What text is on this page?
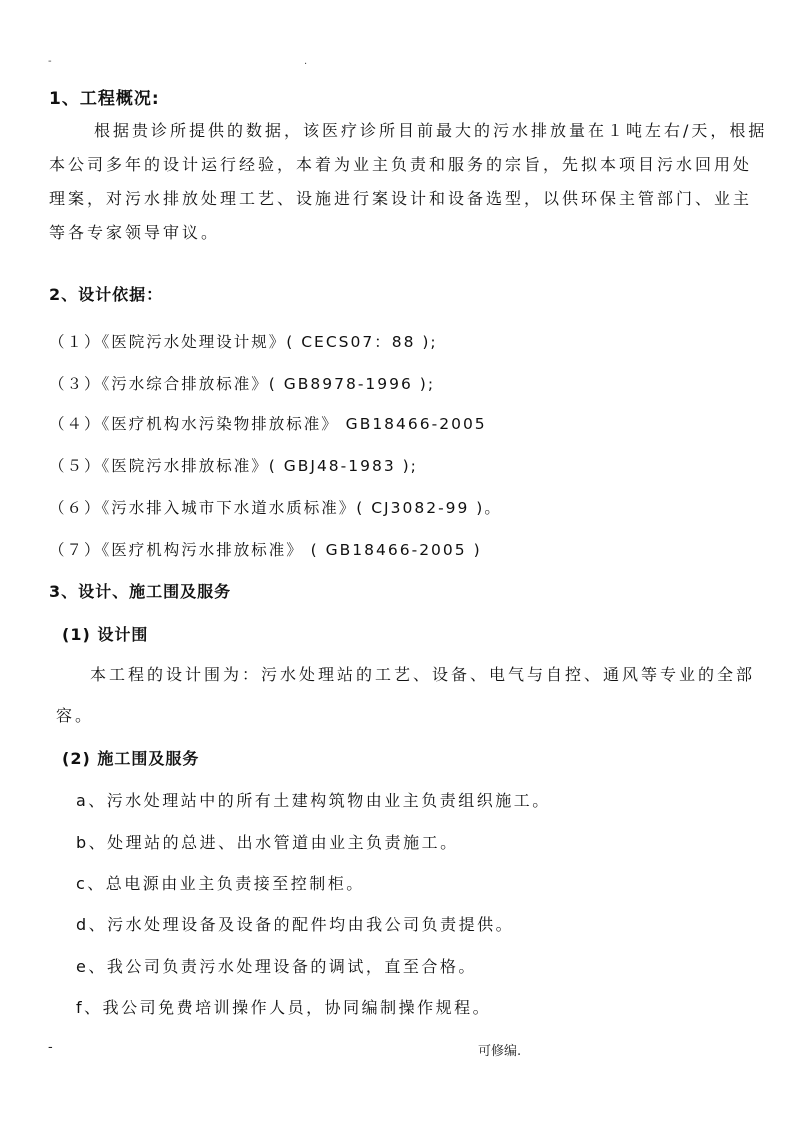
-	.
1、工程概况:
根据贵诊所提供的数据，该医疗诊所目前最大的污水排放量在１吨左右/天，根据
本公司多年的设计运行经验，本着为业主负责和服务的宗旨，先拟本项目污水回用处
理案，对污水排放处理工艺、设施进行案设计和设备选型，以供环保主管部门、业主
等各专家领导审议。
2、设计依据：
（１）《医院污水处理设计规》( CECS07：88 );
（３）《污水综合排放标准》( GB8978-1996 );
（４）《医疗机构水污染物排放标准》 GB18466-2005
（５）《医院污水排放标准》( GBJ48-1983 );
（６）《污水排入城市下水道水质标准》( CJ3082-99 )。
（７）《医疗机构污水排放标准》 ( GB18466-2005 )
3、设计、施工围及服务
(1) 设计围
本工程的设计围为：污水处理站的工艺、设备、电气与自控、通风等专业的全部
容。
(2) 施工围及服务
a、污水处理站中的所有土建构筑物由业主负责组织施工。
b、处理站的总进、出水管道由业主负责施工。
c、总电源由业主负责接至控制柜。
d、污水处理设备及设备的配件均由我公司负责提供。
e、我公司负责污水处理设备的调试，直至合格。
f、我公司免费培训操作人员，协同编制操作规程。
-	可修编.
